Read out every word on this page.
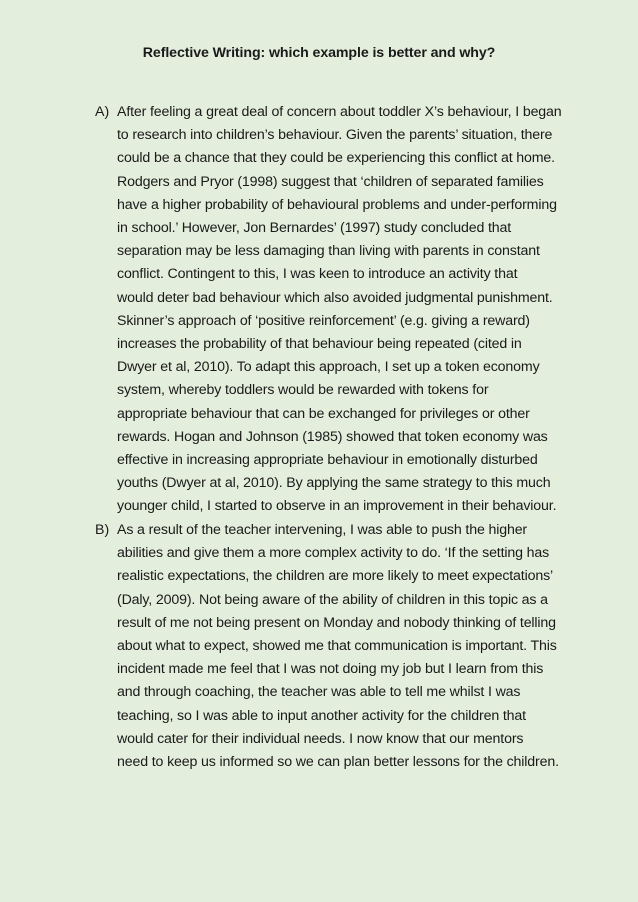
Reflective Writing: which example is better and why?
A) After feeling a great deal of concern about toddler X’s behaviour, I began
to research into children’s behaviour. Given the parents’ situation, there
could be a chance that they could be experiencing this conflict at home.
Rodgers and Pryor (1998) suggest that ‘children of separated families
have a higher probability of behavioural problems and under-performing
in school.’ However, Jon Bernardes’ (1997) study concluded that
separation may be less damaging than living with parents in constant
conflict. Contingent to this, I was keen to introduce an activity that
would deter bad behaviour which also avoided judgmental punishment.
Skinner’s approach of ‘positive reinforcement’ (e.g. giving a reward)
increases the probability of that behaviour being repeated (cited in
Dwyer et al, 2010). To adapt this approach, I set up a token economy
system, whereby toddlers would be rewarded with tokens for
appropriate behaviour that can be exchanged for privileges or other
rewards. Hogan and Johnson (1985) showed that token economy was
effective in increasing appropriate behaviour in emotionally disturbed
youths (Dwyer at al, 2010). By applying the same strategy to this much
younger child, I started to observe in an improvement in their behaviour.
B) As a result of the teacher intervening, I was able to push the higher
abilities and give them a more complex activity to do. ‘If the setting has
realistic expectations, the children are more likely to meet expectations’
(Daly, 2009). Not being aware of the ability of children in this topic as a
result of me not being present on Monday and nobody thinking of telling
about what to expect, showed me that communication is important. This
incident made me feel that I was not doing my job but I learn from this
and through coaching, the teacher was able to tell me whilst I was
teaching, so I was able to input another activity for the children that
would cater for their individual needs. I now know that our mentors
need to keep us informed so we can plan better lessons for the children.
